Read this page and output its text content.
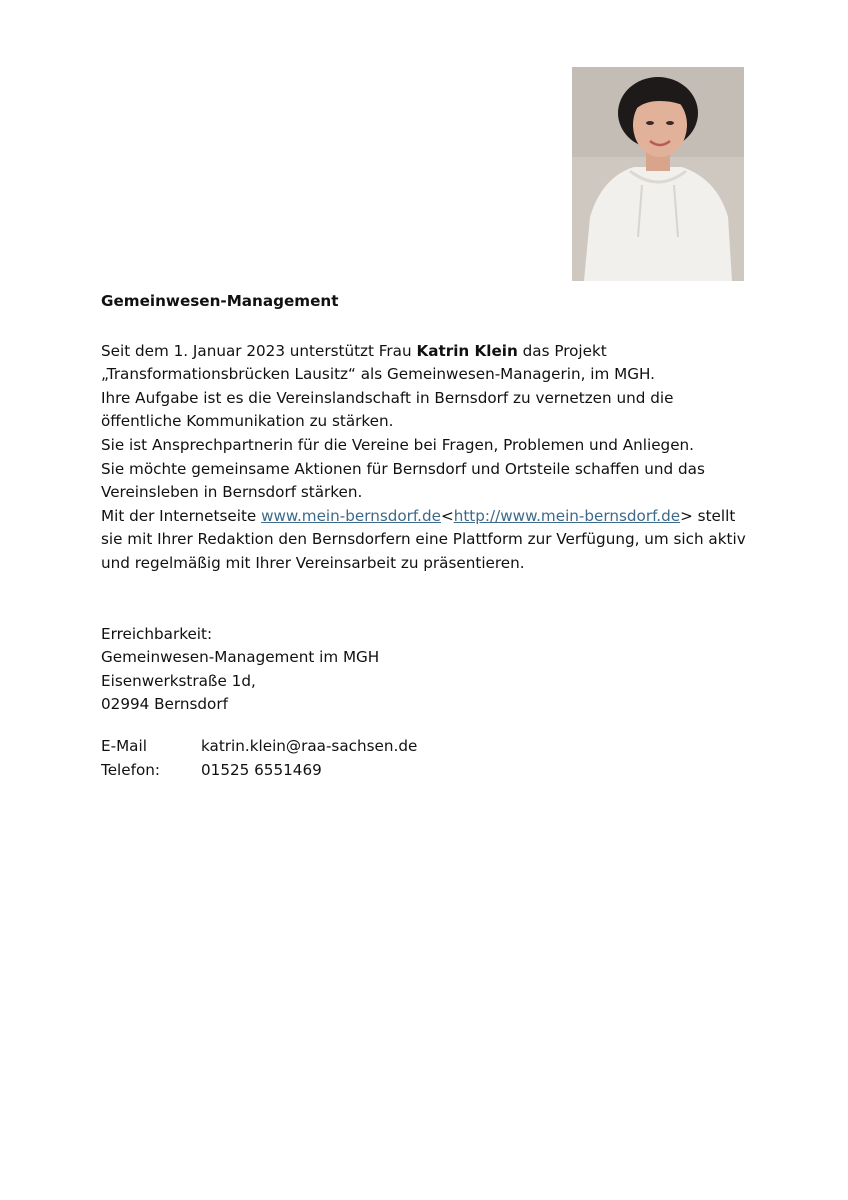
Gemeinwesen-Management

Seit dem 1. Januar 2023 unterstützt Frau Katrin Klein das Projekt
„Transformationsbrücken Lausitz“ als Gemeinwesen-Managerin, im MGH.
Ihre Aufgabe ist es die Vereinslandschaft in Bernsdorf zu vernetzen und die
öffentliche Kommunikation zu stärken.
Sie ist Ansprechpartnerin für die Vereine bei Fragen, Problemen und Anliegen.
Sie möchte gemeinsame Aktionen für Bernsdorf und Ortsteile schaffen und das
Vereinsleben in Bernsdorf stärken.
Mit der Internetseite www.mein-bernsdorf.de<http://www.mein-bernsdorf.de> stellt
sie mit Ihrer Redaktion den Bernsdorfern eine Plattform zur Verfügung, um sich aktiv
und regelmäßig mit Ihrer Vereinsarbeit zu präsentieren.
Erreichbarkeit:
Gemeinwesen-Management im MGH
Eisenwerkstraße 1d,
02994 Bernsdorf
E-Mail	katrin.klein@raa-sachsen.de
Telefon:	01525 6551469
